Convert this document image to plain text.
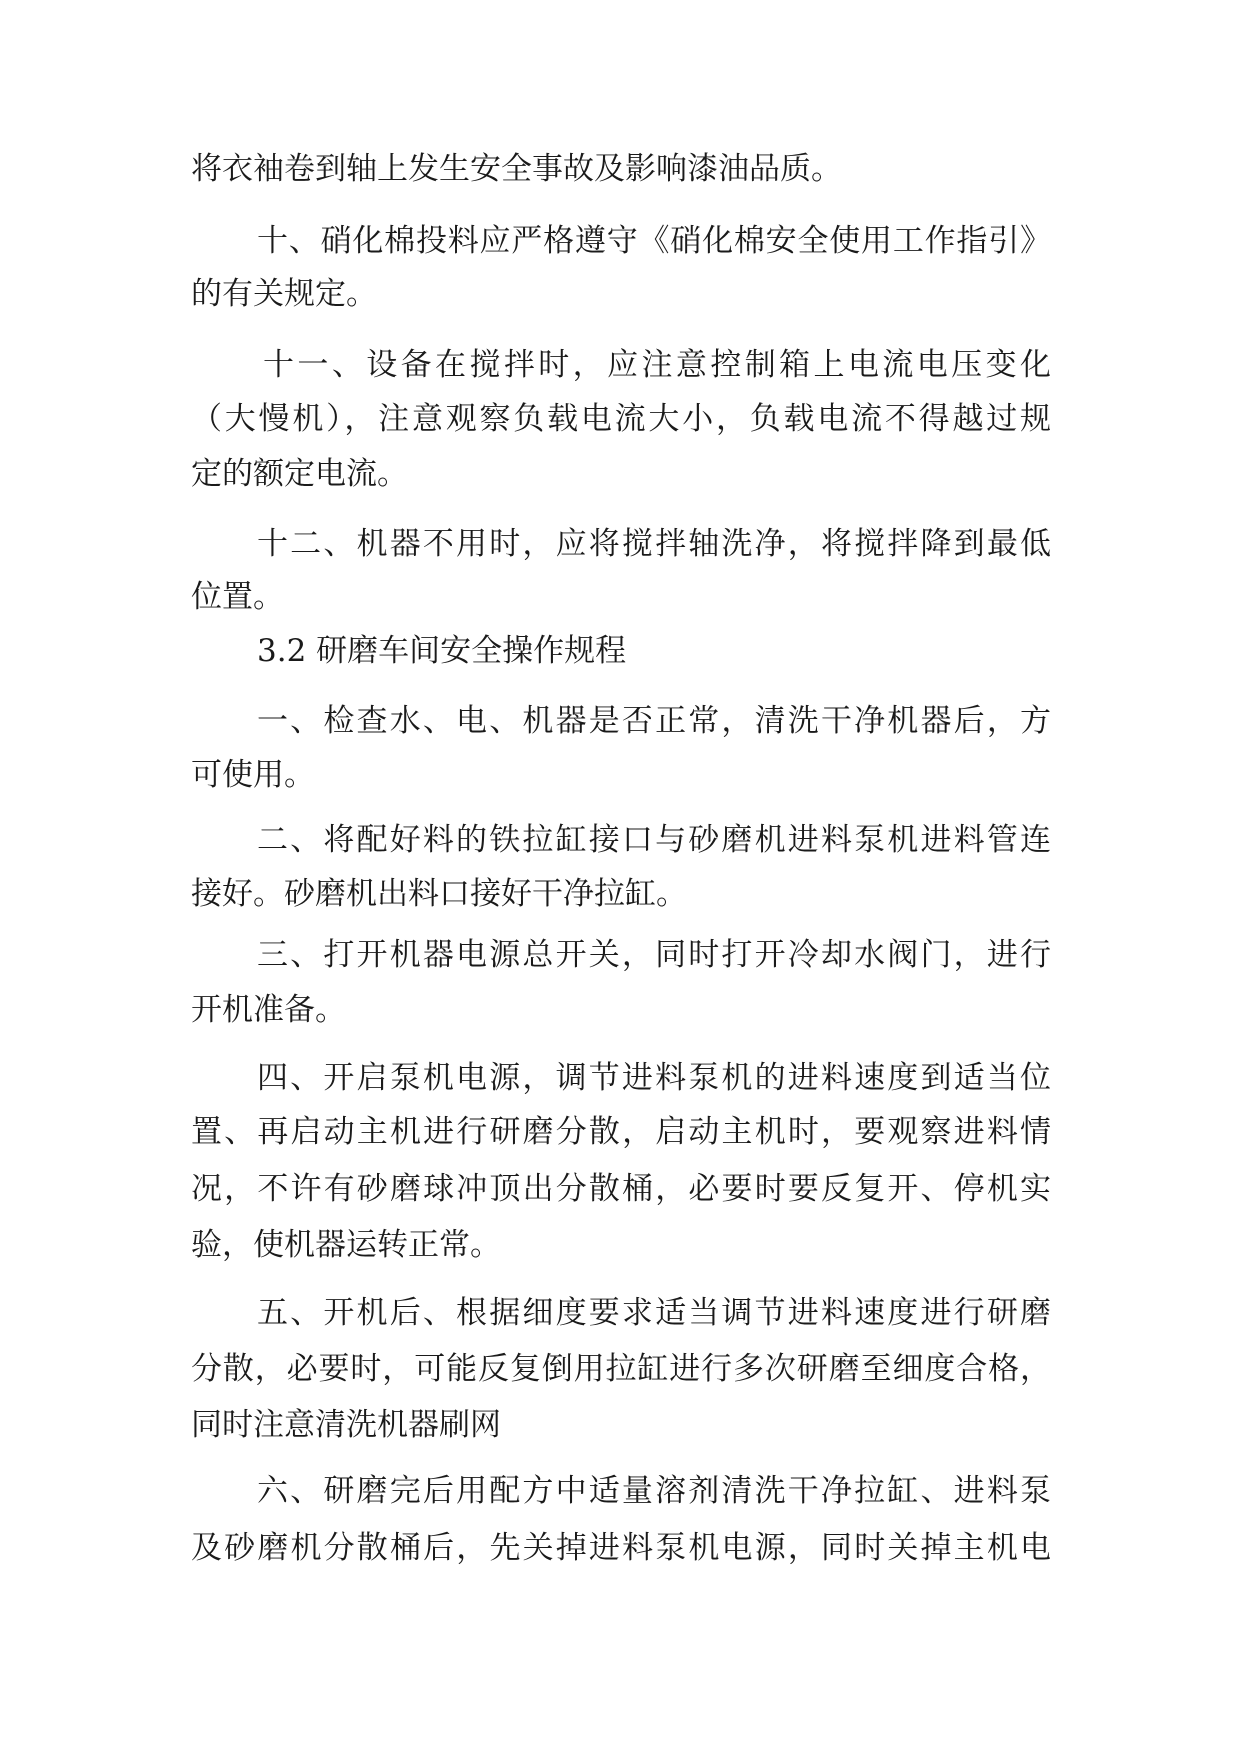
将衣袖卷到轴上发生安全事故及影响漆油品质。
十、硝化棉投料应严格遵守《硝化棉安全使用工作指引》
的有关规定。
十一、设备在搅拌时，应注意控制箱上电流电压变化
（大慢机），注意观察负载电流大小，负载电流不得越过规
定的额定电流。
十二、机器不用时，应将搅拌轴洗净，将搅拌降到最低
位置。
3.2 研磨车间安全操作规程
一、检查水、电、机器是否正常，清洗干净机器后，方
可使用。
二、将配好料的铁拉缸接口与砂磨机进料泵机进料管连
接好。砂磨机出料口接好干净拉缸。
三、打开机器电源总开关，同时打开冷却水阀门，进行
开机准备。
四、开启泵机电源，调节进料泵机的进料速度到适当位
置、再启动主机进行研磨分散，启动主机时，要观察进料情
况，不许有砂磨球冲顶出分散桶，必要时要反复开、停机实
验，使机器运转正常。
五、开机后、根据细度要求适当调节进料速度进行研磨
分散，必要时，可能反复倒用拉缸进行多次研磨至细度合格，
同时注意清洗机器刷网
六、研磨完后用配方中适量溶剂清洗干净拉缸、进料泵
及砂磨机分散桶后，先关掉进料泵机电源，同时关掉主机电
